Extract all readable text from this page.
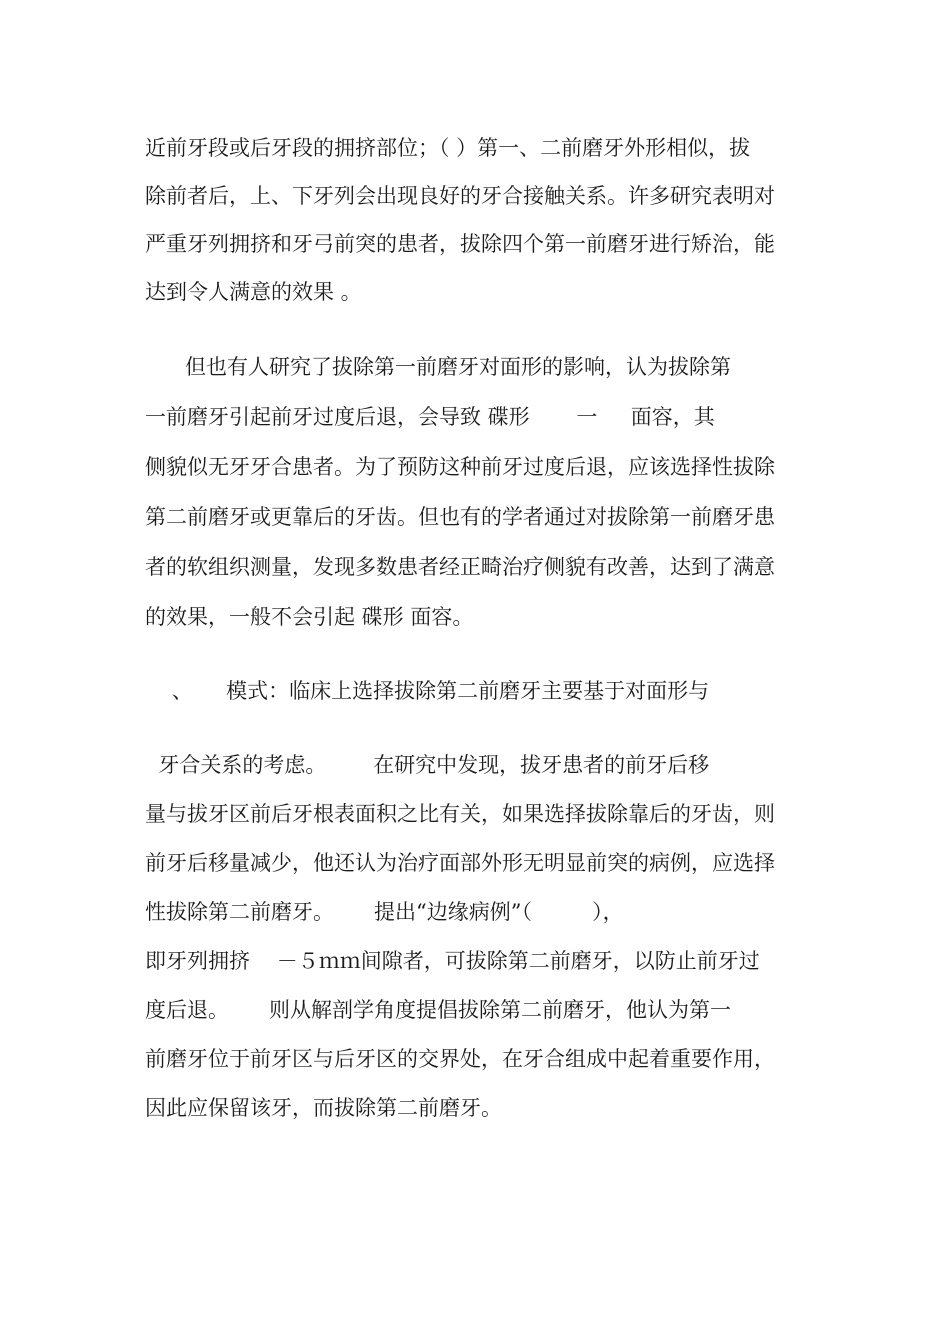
近前牙段或后牙段的拥挤部位；（ ）第一、二前磨牙外形相似，拔

除前者后，上、下牙列会出现良好的牙合接触关系。许多研究表明对

严重牙列拥挤和牙弓前突的患者，拔除四个第一前磨牙进行矫治，能

达到令人满意的效果 。

但也有人研究了拔除第一前磨牙对面形的影响，认为拔除第

一前磨牙引起前牙过度后退，会导致 碟形       一     面容，其

侧貌似无牙牙合患者。为了预防这种前牙过度后退，应该选择性拔除

第二前磨牙或更靠后的牙齿。但也有的学者通过对拔除第一前磨牙患

者的软组织测量，发现多数患者经正畸治疗侧貌有改善，达到了满意

的效果，一般不会引起 碟形 面容。

、     模式：临床上选择拔除第二前磨牙主要基于对面形与

牙合关系的考虑。       在研究中发现，拔牙患者的前牙后移

量与拔牙区前后牙根表面积之比有关，如果选择拔除靠后的牙齿，则

前牙后移量减少，他还认为治疗面部外形无明显前突的病例，应选择

性拔除第二前磨牙。      提出“边缘病例”（         ），

即牙列拥挤    －５ｍｍ间隙者，可拔除第二前磨牙，以防止前牙过

度后退。      则从解剖学角度提倡拔除第二前磨牙，他认为第一

前磨牙位于前牙区与后牙区的交界处，在牙合组成中起着重要作用，

因此应保留该牙，而拔除第二前磨牙。
